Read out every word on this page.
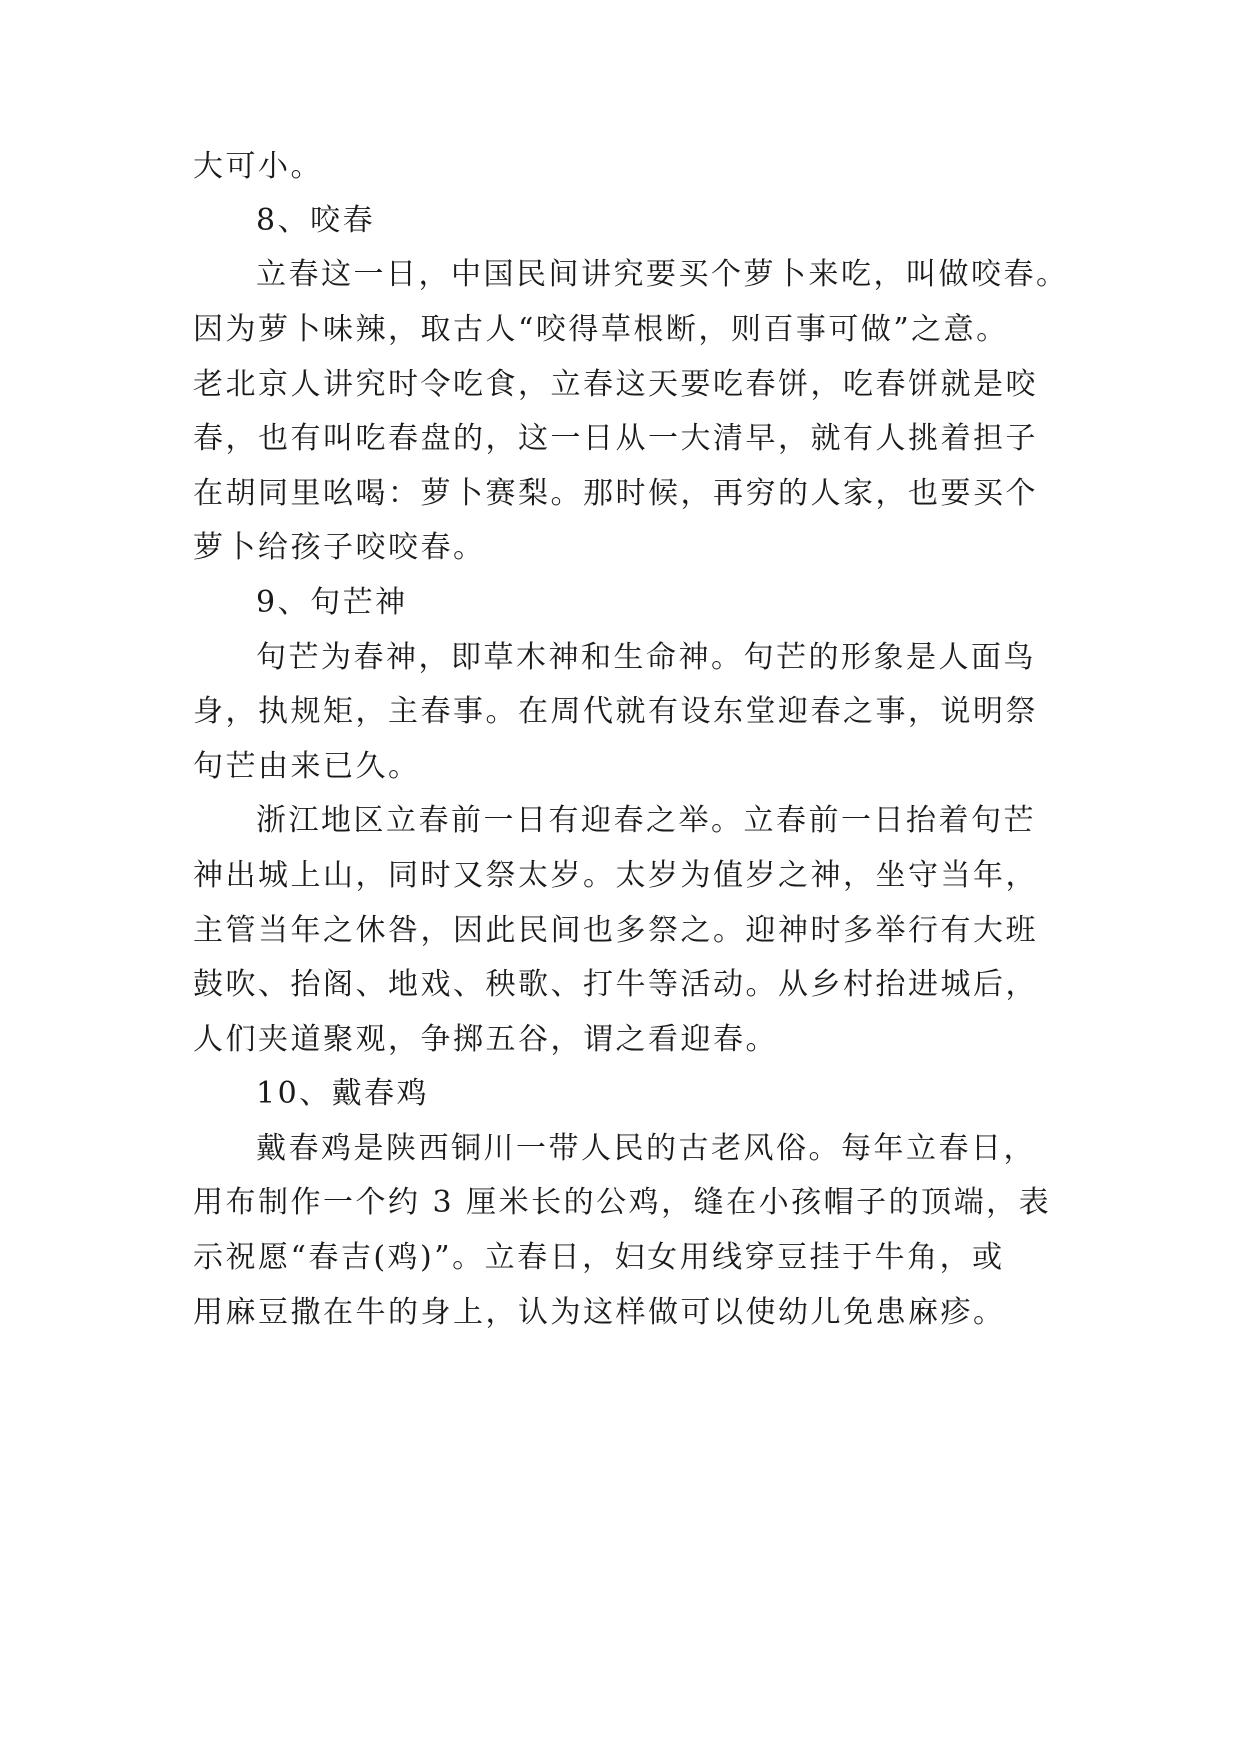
大可小。
8、咬春
立春这一日，中国民间讲究要买个萝卜来吃，叫做咬春。
因为萝卜味辣，取古人“咬得草根断，则百事可做”之意。
老北京人讲究时令吃食，立春这天要吃春饼，吃春饼就是咬
春，也有叫吃春盘的，这一日从一大清早，就有人挑着担子
在胡同里吆喝：萝卜赛梨。那时候，再穷的人家，也要买个
萝卜给孩子咬咬春。
9、句芒神
句芒为春神，即草木神和生命神。句芒的形象是人面鸟
身，执规矩，主春事。在周代就有设东堂迎春之事，说明祭
句芒由来已久。
浙江地区立春前一日有迎春之举。立春前一日抬着句芒
神出城上山，同时又祭太岁。太岁为值岁之神，坐守当年，
主管当年之休咎，因此民间也多祭之。迎神时多举行有大班
鼓吹、抬阁、地戏、秧歌、打牛等活动。从乡村抬进城后，
人们夹道聚观，争掷五谷，谓之看迎春。
10、戴春鸡
戴春鸡是陕西铜川一带人民的古老风俗。每年立春日，
用布制作一个约 3 厘米长的公鸡，缝在小孩帽子的顶端，表
示祝愿“春吉(鸡)”。立春日，妇女用线穿豆挂于牛角，或
用麻豆撒在牛的身上，认为这样做可以使幼儿免患麻疹。
